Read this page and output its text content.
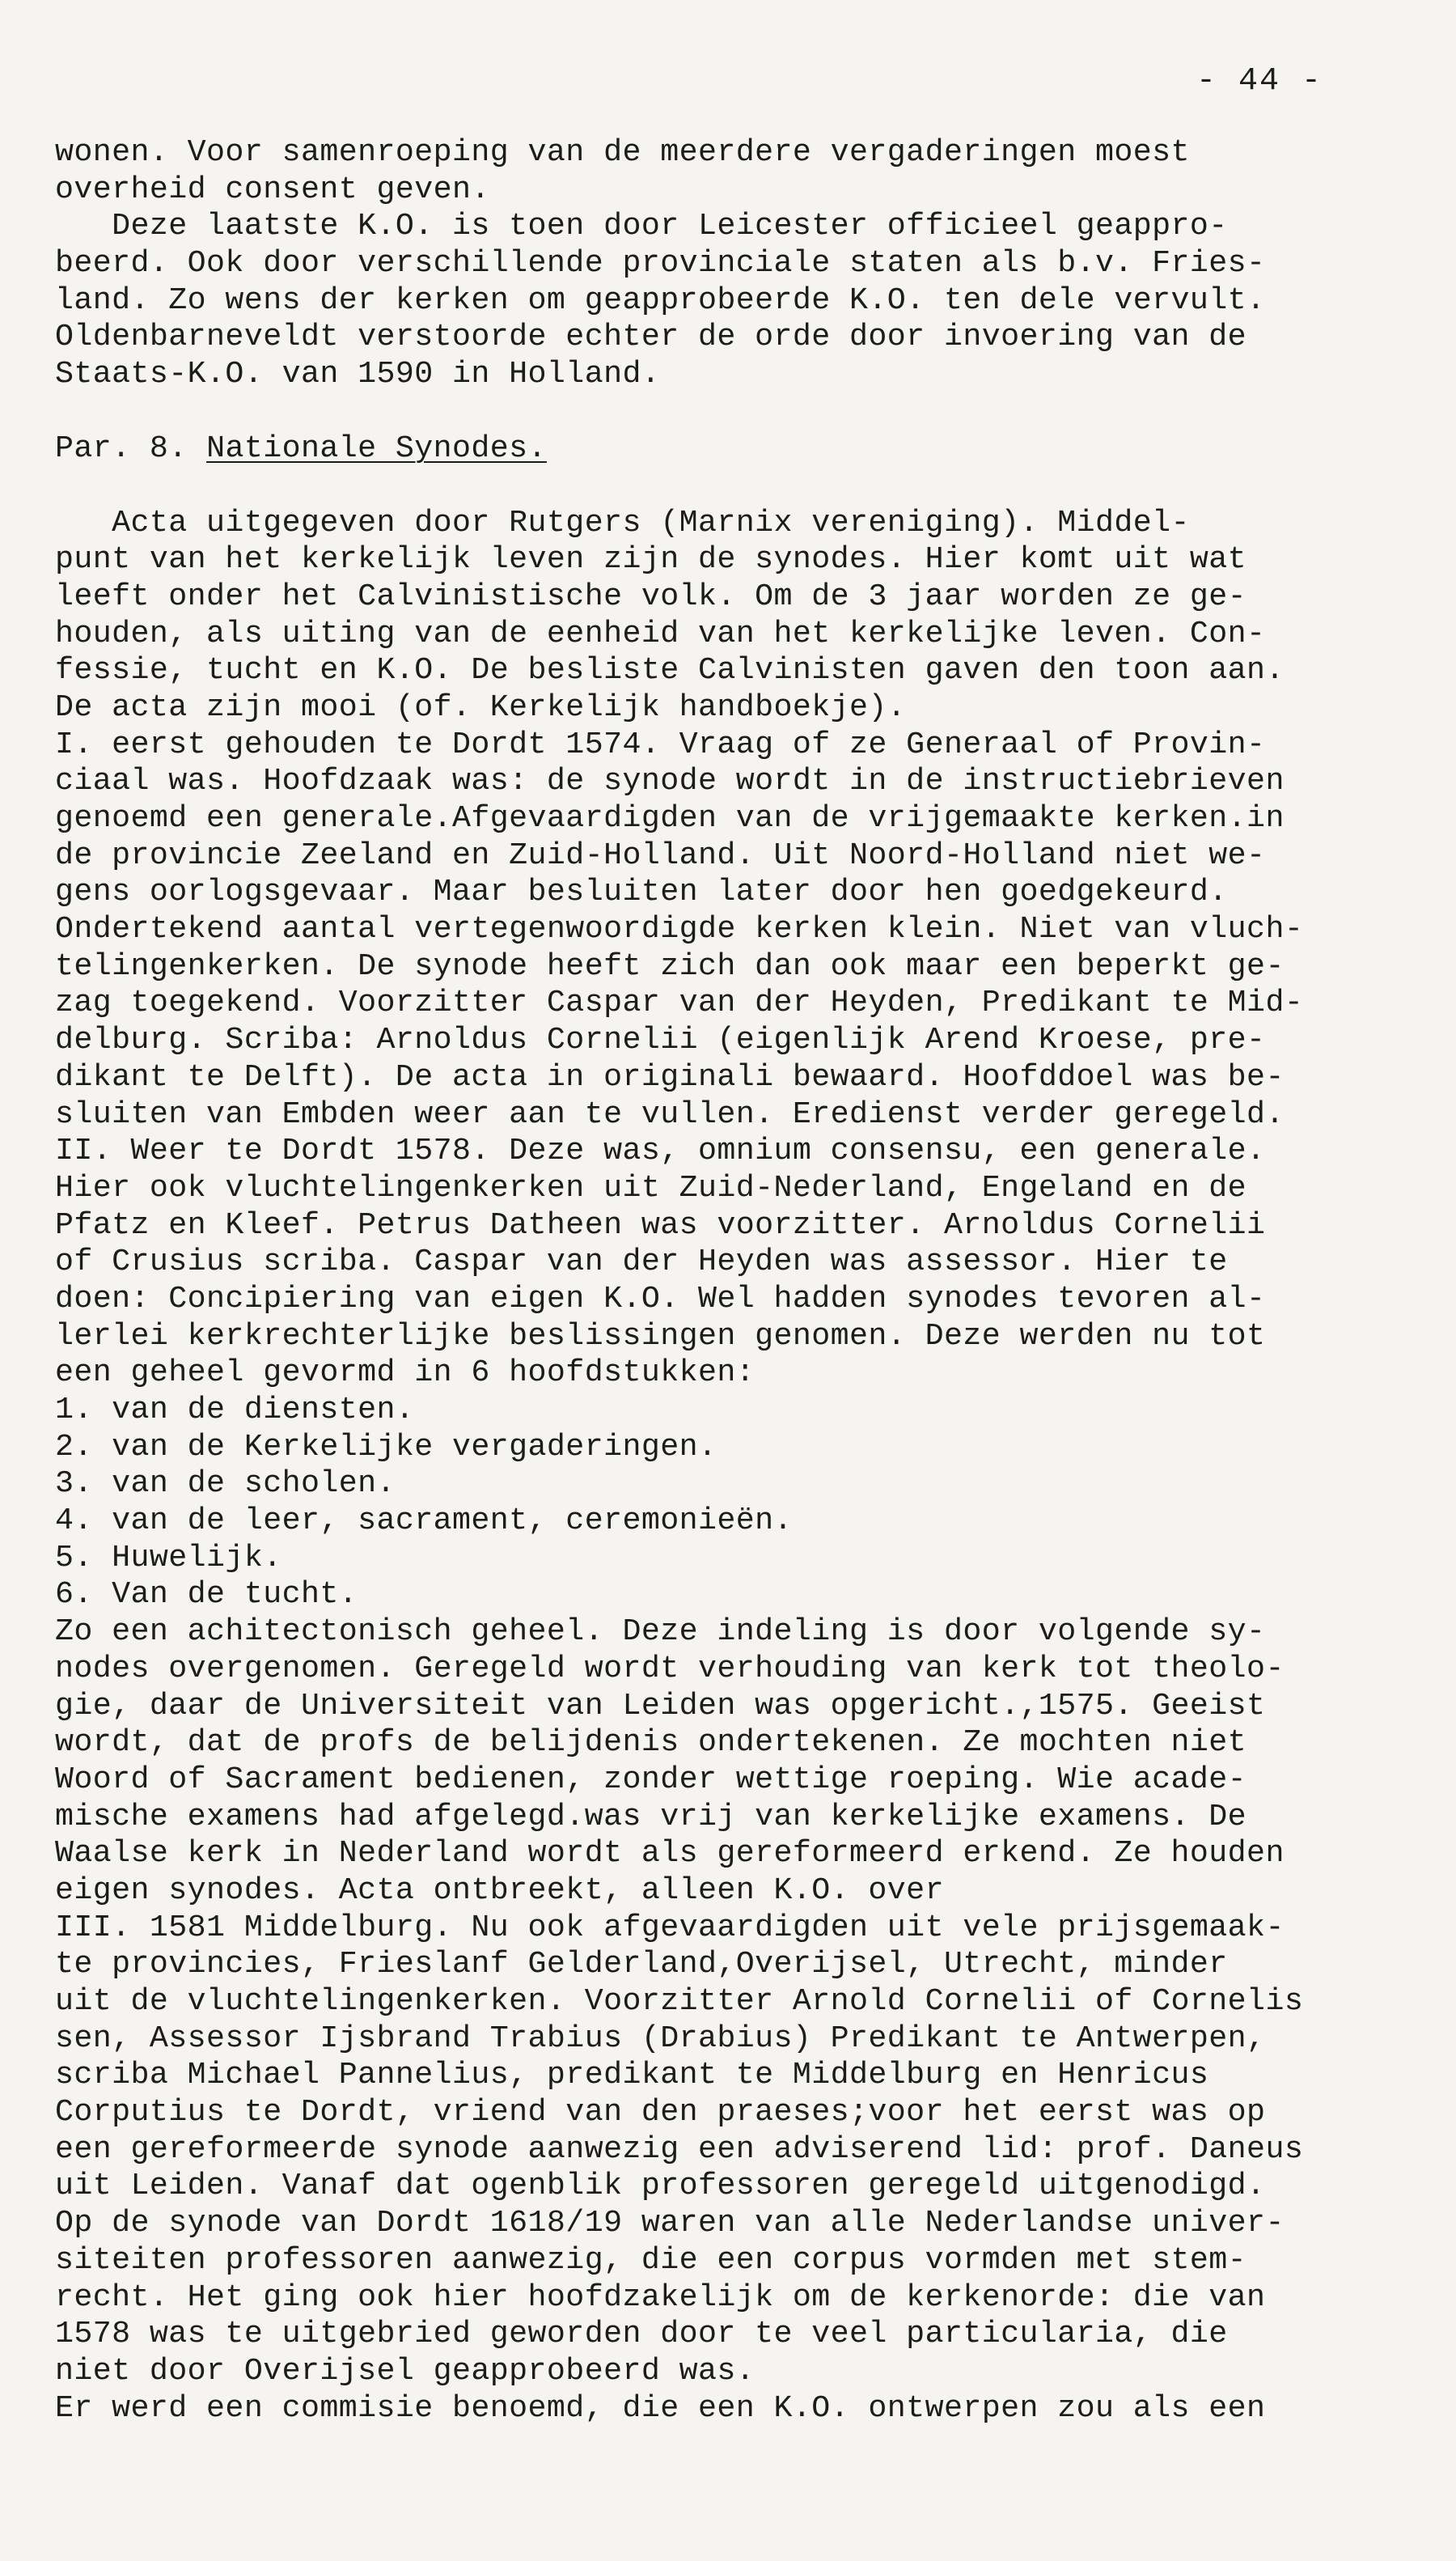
- 44 -
wonen. Voor samenroeping van de meerdere vergaderingen moest
overheid consent geven.
Deze laatste K.O. is toen door Leicester officieel geappro-
beerd. Ook door verschillende provinciale staten als b.v. Fries-
land. Zo wens der kerken om geapprobeerde K.O. ten dele vervult.
Oldenbarneveldt verstoorde echter de orde door invoering van de
Staats-K.O. van 1590 in Holland.
Par. 8. Nationale Synodes.
Acta uitgegeven door Rutgers (Marnix vereniging). Middel-
punt van het kerkelijk leven zijn de synodes. Hier komt uit wat
leeft onder het Calvinistische volk. Om de 3 jaar worden ze ge-
houden, als uiting van de eenheid van het kerkelijke leven. Con-
fessie, tucht en K.O. De besliste Calvinisten gaven den toon aan.
De acta zijn mooi (of. Kerkelijk handboekje).
I. eerst gehouden te Dordt 1574. Vraag of ze Generaal of Provin-
ciaal was. Hoofdzaak was: de synode wordt in de instructiebrieven
genoemd een generale.Afgevaardigden van de vrijgemaakte kerken.in
de provincie Zeeland en Zuid-Holland. Uit Noord-Holland niet we-
gens oorlogsgevaar. Maar besluiten later door hen goedgekeurd.
Ondertekend aantal vertegenwoordigde kerken klein. Niet van vluch-
telingenkerken. De synode heeft zich dan ook maar een beperkt ge-
zag toegekend. Voorzitter Caspar van der Heyden, Predikant te Mid-
delburg. Scriba: Arnoldus Cornelii (eigenlijk Arend Kroese, pre-
dikant te Delft). De acta in originali bewaard. Hoofddoel was be-
sluiten van Embden weer aan te vullen. Eredienst verder geregeld.
II. Weer te Dordt 1578. Deze was, omnium consensu, een generale.
Hier ook vluchtelingenkerken uit Zuid-Nederland, Engeland en de
Pfatz en Kleef. Petrus Datheen was voorzitter. Arnoldus Cornelii
of Crusius scriba. Caspar van der Heyden was assessor. Hier te
doen: Concipiering van eigen K.O. Wel hadden synodes tevoren al-
lerlei kerkrechterlijke beslissingen genomen. Deze werden nu tot
een geheel gevormd in 6 hoofdstukken:
1. van de diensten.
2. van de Kerkelijke vergaderingen.
3. van de scholen.
4. van de leer, sacrament, ceremonieën.
5. Huwelijk.
6. Van de tucht.
Zo een achitectonisch geheel. Deze indeling is door volgende sy-
nodes overgenomen. Geregeld wordt verhouding van kerk tot theolo-
gie, daar de Universiteit van Leiden was opgericht.,1575. Geeist
wordt, dat de profs de belijdenis ondertekenen. Ze mochten niet
Woord of Sacrament bedienen, zonder wettige roeping. Wie acade-
mische examens had afgelegd.was vrij van kerkelijke examens. De
Waalse kerk in Nederland wordt als gereformeerd erkend. Ze houden
eigen synodes. Acta ontbreekt, alleen K.O. over
III. 1581 Middelburg. Nu ook afgevaardigden uit vele prijsgemaak-
te provincies, Frieslanf Gelderland,Overijsel, Utrecht, minder
uit de vluchtelingenkerken. Voorzitter Arnold Cornelii of Cornelis
sen, Assessor Ijsbrand Trabius (Drabius) Predikant te Antwerpen,
scriba Michael Pannelius, predikant te Middelburg en Henricus
Corputius te Dordt, vriend van den praeses;voor het eerst was op
een gereformeerde synode aanwezig een adviserend lid: prof. Daneus
uit Leiden. Vanaf dat ogenblik professoren geregeld uitgenodigd.
Op de synode van Dordt 1618/19 waren van alle Nederlandse univer-
siteiten professoren aanwezig, die een corpus vormden met stem-
recht. Het ging ook hier hoofdzakelijk om de kerkenorde: die van
1578 was te uitgebried geworden door te veel particularia, die
niet door Overijsel geapprobeerd was.
Er werd een commisie benoemd, die een K.O. ontwerpen zou als een
